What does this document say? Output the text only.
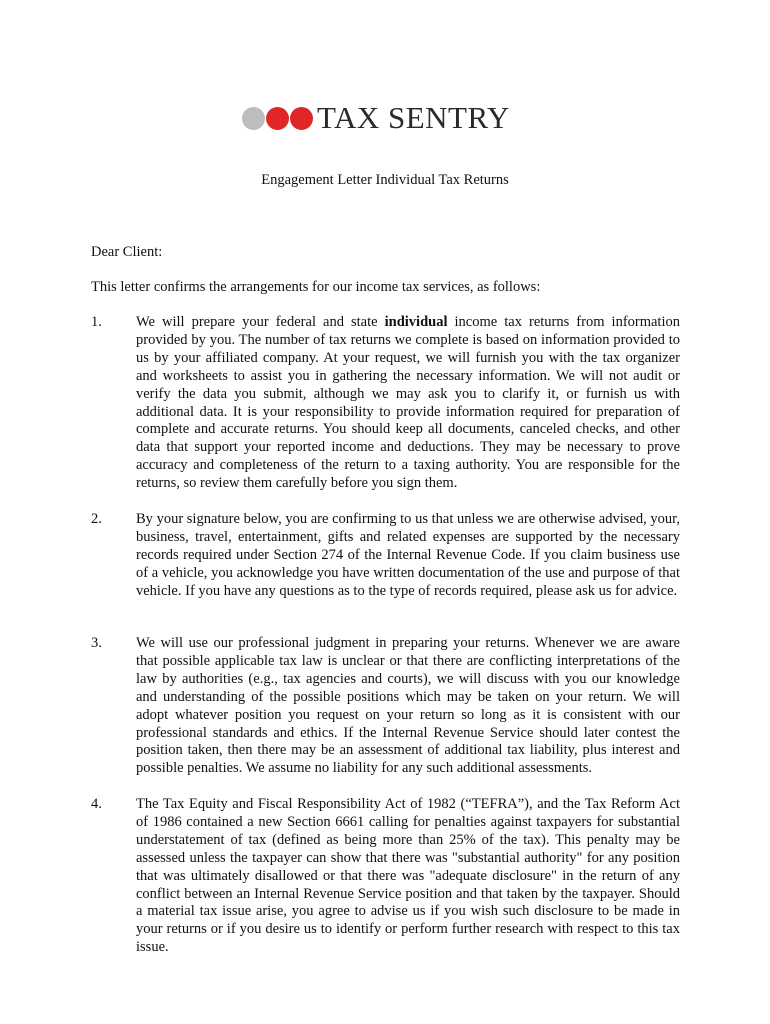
TAX SENTRY
Engagement Letter Individual Tax Returns
Dear Client:
This letter confirms the arrangements for our income tax services, as follows:
1. We will prepare your federal and state individual income tax returns from information provided by you. The number of tax returns we complete is based on information provided to us by your affiliated company. At your request, we will furnish you with the tax organizer and worksheets to assist you in gathering the necessary information. We will not audit or verify the data you submit, although we may ask you to clarify it, or furnish us with additional data. It is your responsibility to provide information required for preparation of complete and accurate returns. You should keep all documents, canceled checks, and other data that support your reported income and deductions. They may be necessary to prove accuracy and completeness of the return to a taxing authority. You are responsible for the returns, so review them carefully before you sign them.
2. By your signature below, you are confirming to us that unless we are otherwise advised, your, business, travel, entertainment, gifts and related expenses are supported by the necessary records required under Section 274 of the Internal Revenue Code. If you claim business use of a vehicle, you acknowledge you have written documentation of the use and purpose of that vehicle. If you have any questions as to the type of records required, please ask us for advice.
3. We will use our professional judgment in preparing your returns. Whenever we are aware that possible applicable tax law is unclear or that there are conflicting interpretations of the law by authorities (e.g., tax agencies and courts), we will discuss with you our knowledge and understanding of the possible positions which may be taken on your return. We will adopt whatever position you request on your return so long as it is consistent with our professional standards and ethics. If the Internal Revenue Service should later contest the position taken, then there may be an assessment of additional tax liability, plus interest and possible penalties. We assume no liability for any such additional assessments.
4. The Tax Equity and Fiscal Responsibility Act of 1982 (“TEFRA”), and the Tax Reform Act of 1986 contained a new Section 6661 calling for penalties against taxpayers for substantial understatement of tax (defined as being more than 25% of the tax). This penalty may be assessed unless the taxpayer can show that there was "substantial authority" for any position that was ultimately disallowed or that there was "adequate disclosure" in the return of any conflict between an Internal Revenue Service position and that taken by the taxpayer. Should a material tax issue arise, you agree to advise us if you wish such disclosure to be made in your returns or if you desire us to identify or perform further research with respect to this tax issue.
